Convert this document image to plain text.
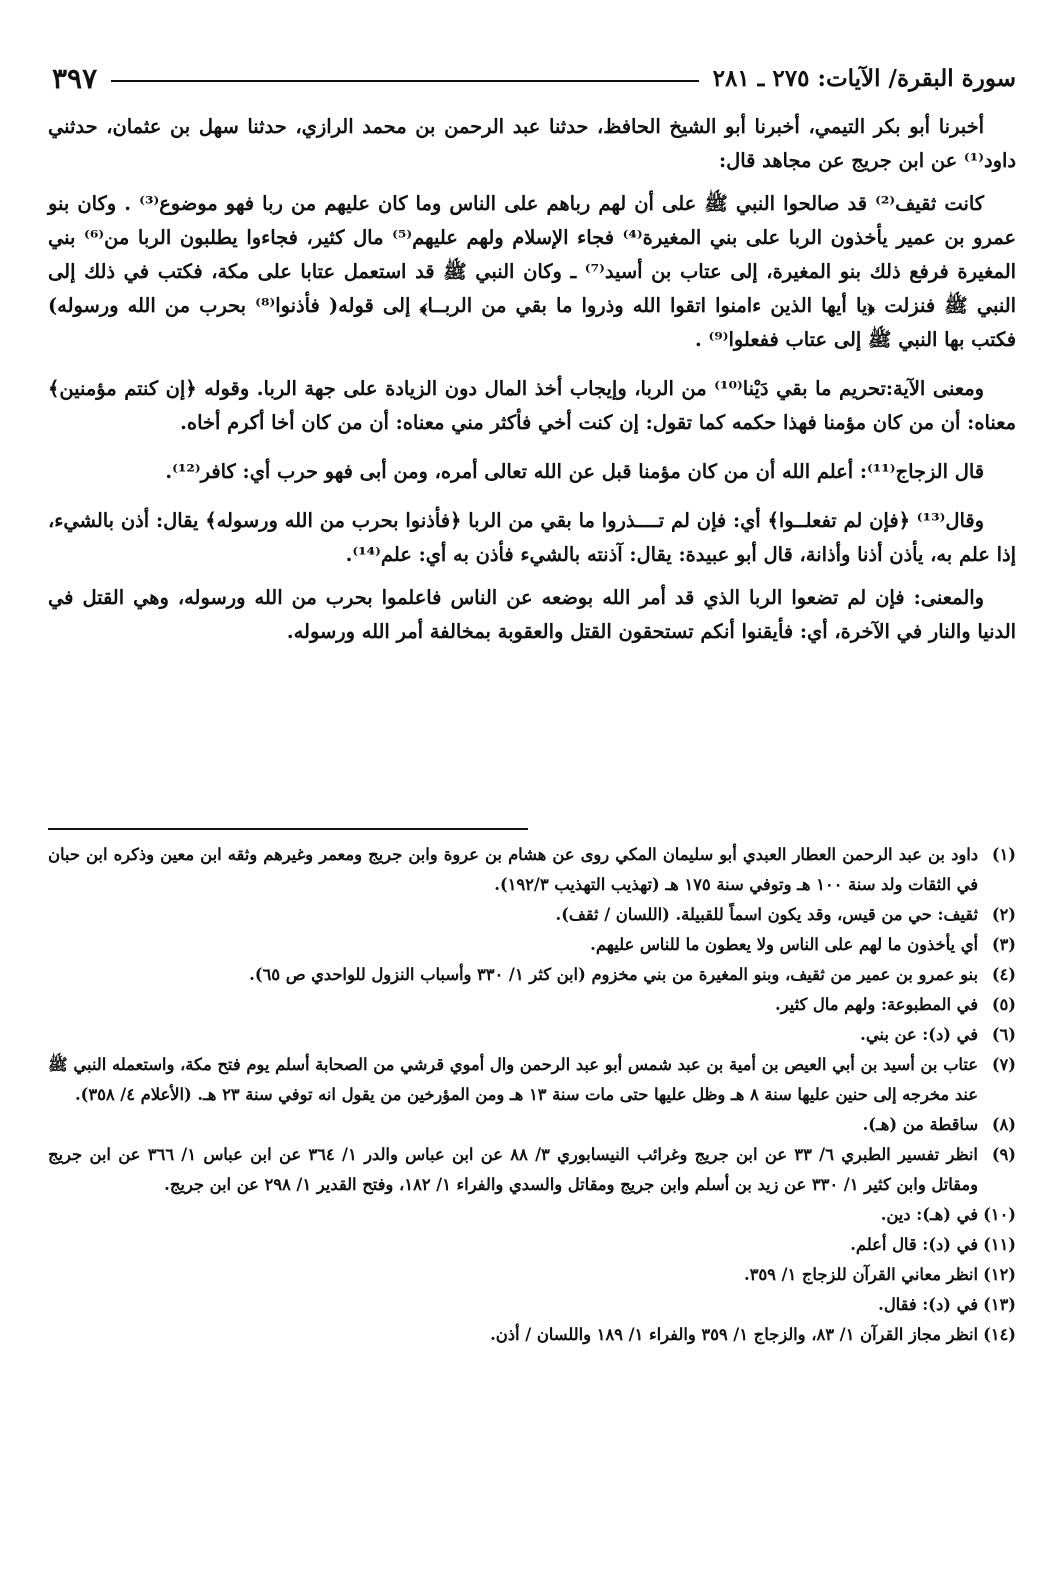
سورة البقرة/ الآيات: ٢٧٥ ـ ٢٨١
٣٩٧

أخبرنا أبو بكر التيمي، أخبرنا أبو الشيخ الحافظ، حدثنا عبد الرحمن بن محمد الرازي، حدثنا سهل بن عثمان، حدثني داود⁽¹⁾ عن ابن جريج عن مجاهد قال:

كانت ثقيف⁽²⁾ قد صالحوا النبي ﷺ على أن لهم رباهم على الناس وما كان عليهم من ربا فهو موضوع⁽³⁾ . وكان بنو عمرو بن عمير يأخذون الربا على بني المغيرة⁽⁴⁾ فجاء الإسلام ولهم عليهم⁽⁵⁾ مال كثير، فجاءوا يطلبون الربا من⁽⁶⁾ بني المغيرة فرفع ذلك بنو المغيرة، إلى عتاب بن أسيد⁽⁷⁾ ـ وكان النبي ﷺ قد استعمل عتابا على مكة، فكتب في ذلك إلى النبي ﷺ فنزلت ﴿يا أيها الذين ءامنوا اتقوا الله وذروا ما بقي من الربــا﴾ إلى قوله( فأذنوا⁽⁸⁾ بحرب من الله ورسوله) فكتب بها النبي ﷺ إلى عتاب ففعلوا⁽⁹⁾ .

ومعنى الآية:تحريم ما بقي دَيْنا⁽¹⁰⁾ من الربا، وإيجاب أخذ المال دون الزيادة على جهة الربا. وقوله ﴿إن كنتم مؤمنين﴾ معناه: أن من كان مؤمنا فهذا حكمه كما تقول: إن كنت أخي فأكثر مني معناه: أن من كان أخا أكرم أخاه.

قال الزجاج⁽¹¹⁾: أعلم الله أن من كان مؤمنا قبل عن الله تعالى أمره، ومن أبى فهو حرب أي: كافر⁽¹²⁾.

وقال⁽¹³⁾ ﴿فإن لم تفعلــوا﴾ أي: فإن لم تــــذروا ما بقي من الربا ﴿فأذنوا بحرب من الله ورسوله﴾ يقال: أذن بالشيء، إذا علم به، يأذن أذنا وأذانة، قال أبو عبيدة: يقال: آذنته بالشيء فأذن به أي: علم⁽¹⁴⁾.

والمعنى: فإن لم تضعوا الربا الذي قد أمر الله بوضعه عن الناس فاعلموا بحرب من الله ورسوله، وهي القتل في الدنيا والنار في الآخرة، أي: فأيقنوا أنكم تستحقون القتل والعقوبة بمخالفة أمر الله ورسوله.

(١)
داود بن عبد الرحمن العطار العبدي أبو سليمان المكي روى عن هشام بن عروة وابن جريج ومعمر وغيرهم وثقه ابن معين وذكره ابن حبان في الثقات ولد سنة ١٠٠ هـ وتوفي سنة ١٧٥ هـ (تهذيب التهذيب ١٩٢/٣).
(٢)
ثقيف: حي من قيس، وقد يكون اسماً للقبيلة. (اللسان / ثقف).
(٣)
أي يأخذون ما لهم على الناس ولا يعطون ما للناس عليهم.
(٤)
بنو عمرو بن عمير من ثقيف، وبنو المغيرة من بني مخزوم (ابن كثر ١/ ٣٣٠ وأسباب النزول للواحدي ص ٦٥).
(٥)
في المطبوعة: ولهم مال كثير.
(٦)
في (د): عن بني.
(٧)
عتاب بن أسيد بن أبي العيص بن أمية بن عبد شمس أبو عبد الرحمن وال أموي قرشي من الصحابة أسلم يوم فتح مكة، واستعمله النبي ﷺ عند مخرجه إلى حنين عليها سنة ٨ هـ وظل عليها حتى مات سنة ١٣ هـ ومن المؤرخين من يقول انه توفي سنة ٢٣ هـ. (الأعلام ٤/ ٣٥٨).
(٨)
ساقطة من (هـ).
(٩)
انظر تفسير الطبري ٦/ ٣٣ عن ابن جريج وغرائب النيسابوري ٣/ ٨٨ عن ابن عباس والدر ١/ ٣٦٤ عن ابن عباس ١/ ٣٦٦ عن ابن جريج ومقاتل وابن كثير ١/ ٣٣٠ عن زيد بن أسلم وابن جريج ومقاتل والسدي والفراء ١/ ١٨٢، وفتح القدير ١/ ٢٩٨ عن ابن جريج.
(١٠)
في (هـ): دين.
(١١)
في (د): قال أعلم.
(١٢)
انظر معاني القرآن للزجاج ١/ ٣٥٩.
(١٣)
في (د): فقال.
(١٤)
انظر مجاز القرآن ١/ ٨٣، والزجاج ١/ ٣٥٩ والفراء ١/ ١٨٩ واللسان / أذن.
